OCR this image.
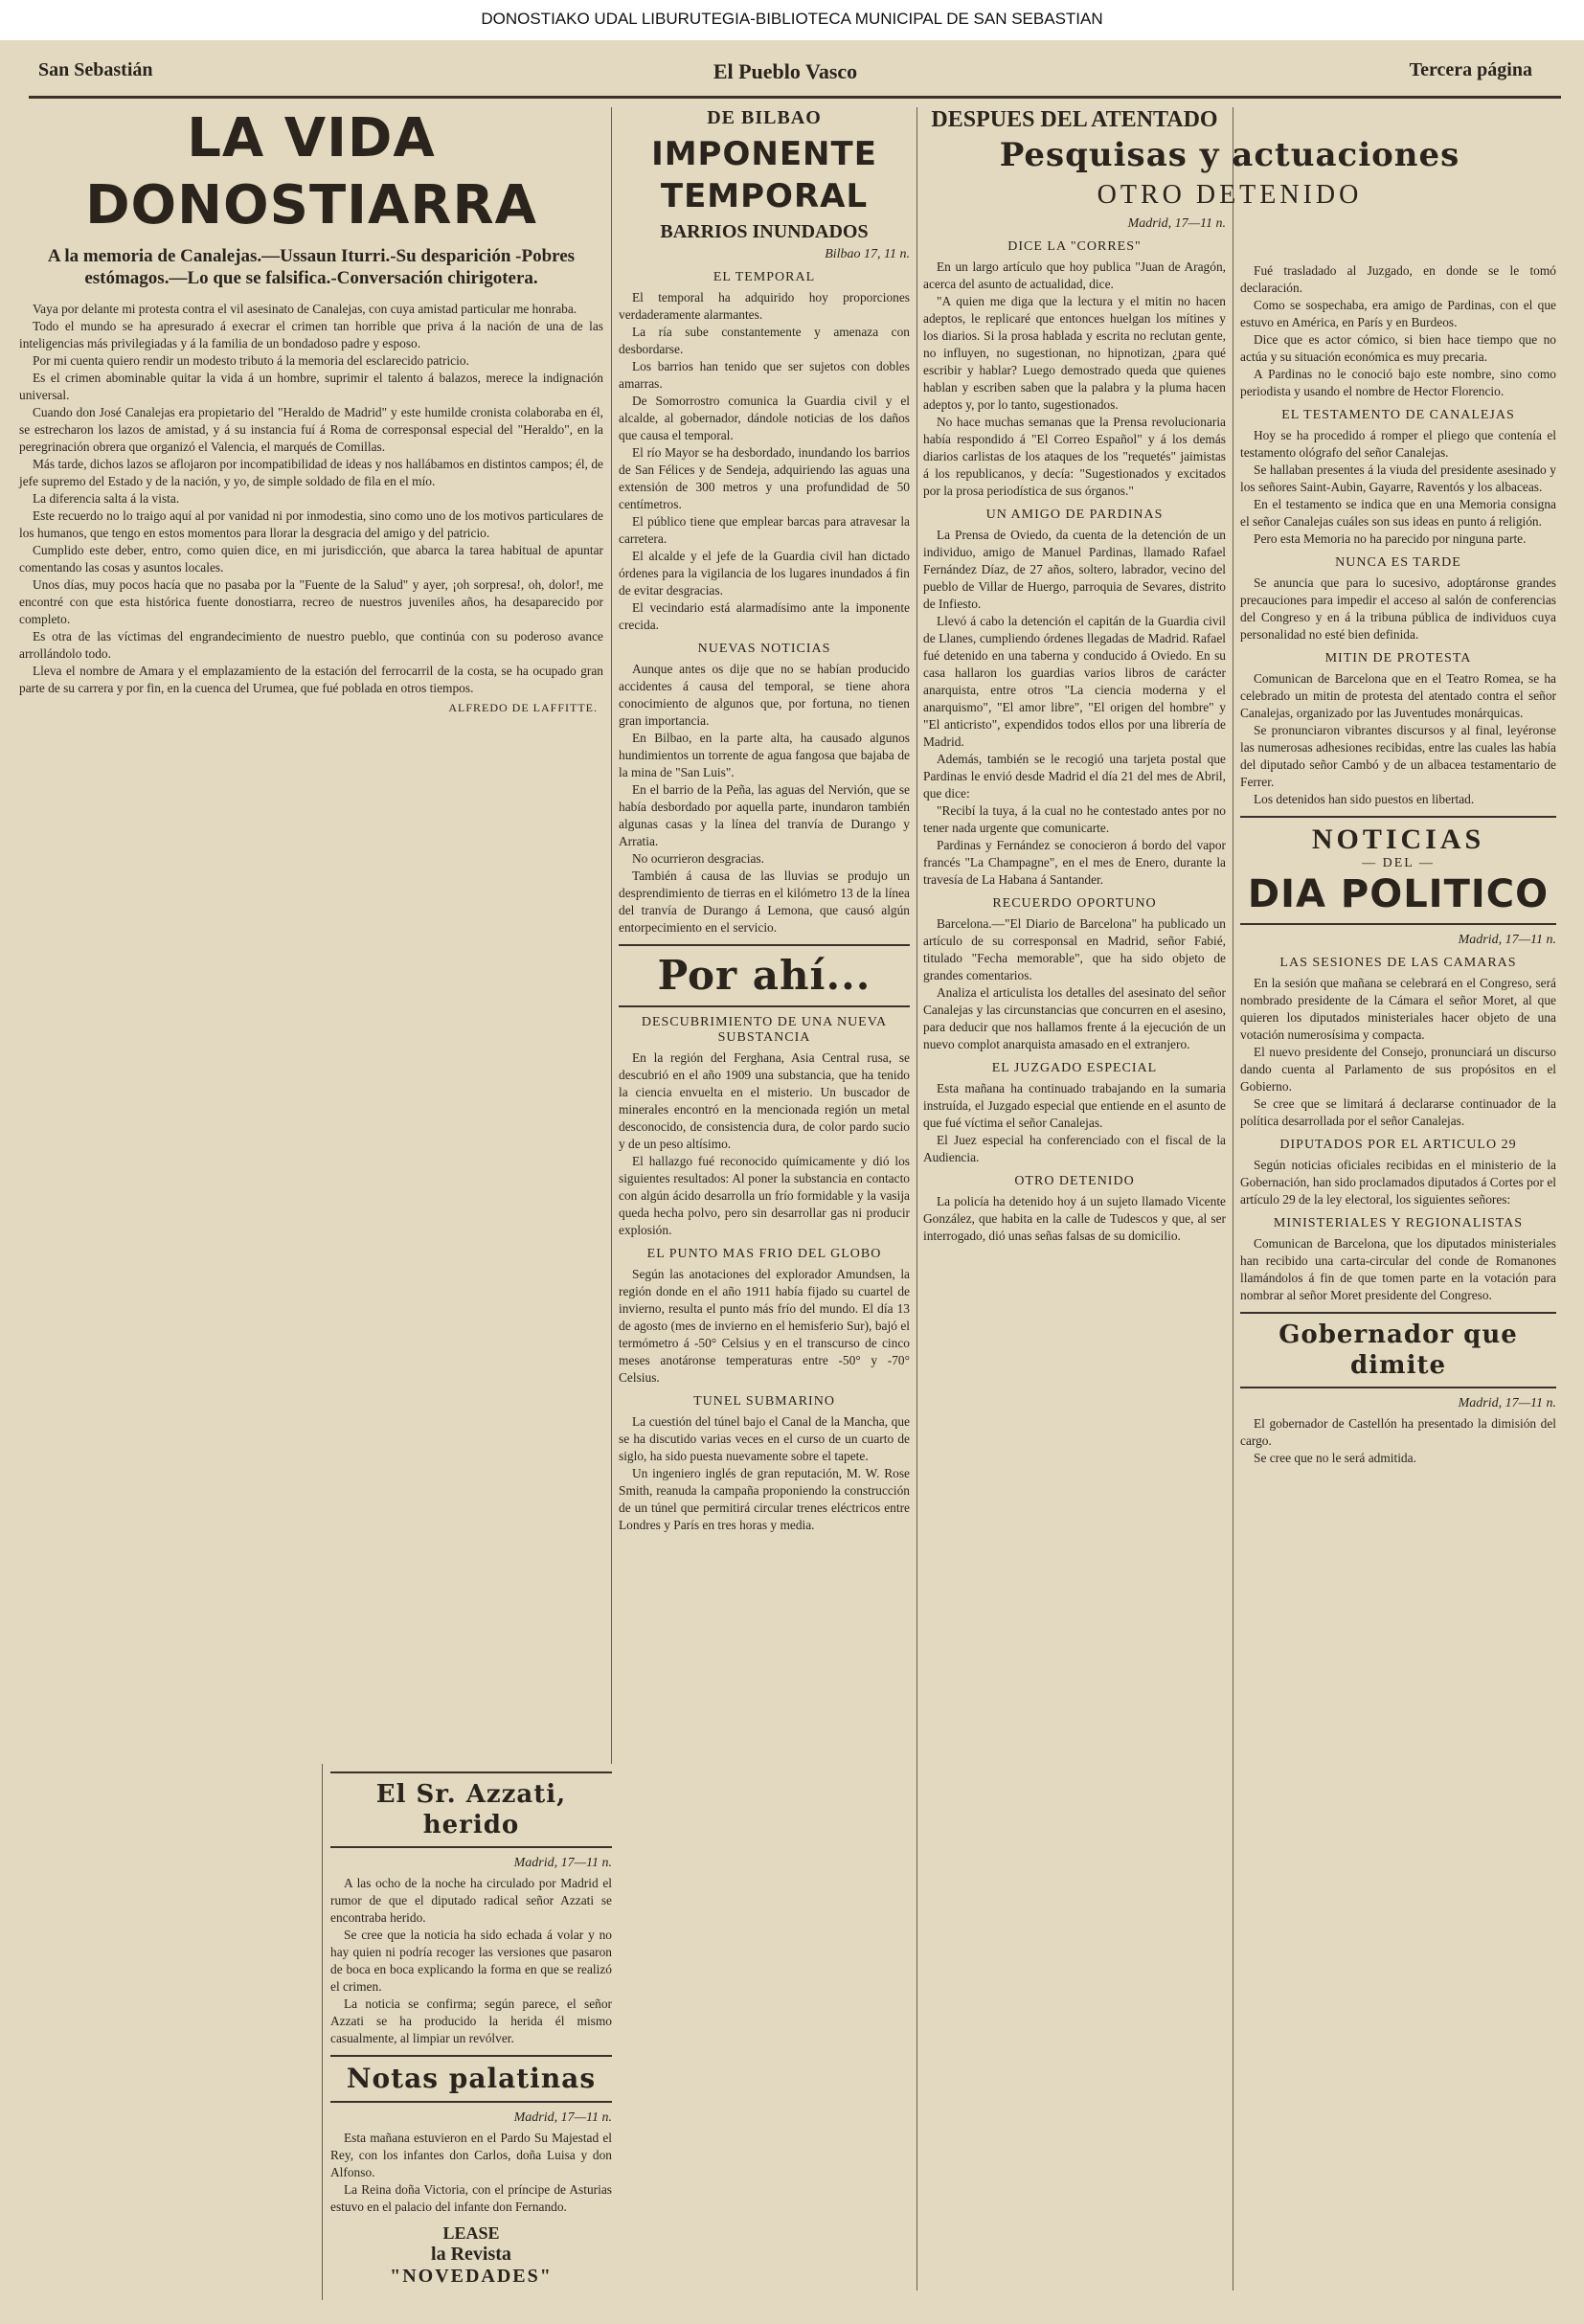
DONOSTIAKO UDAL LIBURUTEGIA-BIBLIOTECA MUNICIPAL DE SAN SEBASTIAN
El Pueblo Vasco
San Sebastián	Tercera página
LA VIDA DONOSTIARRA
A la memoria de Canalejas.—Ussaun Iturri.-Su desparición -Pobres estómagos.—Lo que se falsifica.-Conversación chirigotera.

Vaya por delante mi protesta contra el vil asesinato de Canalejas, con cuya amistad particular me honraba.

Todo el mundo se ha apresurado á execrar el crimen tan horrible que priva á la nación de una de las inteligencias más privilegiadas y á la familia de un bondadoso padre y esposo.

Por mi cuenta quiero rendir un modesto tributo á la memoria del esclarecido patricio.

Es el crimen abominable quitar la vida á un hombre, suprimir el talento á balazos, merece la indignación universal.

Cuando don José Canalejas era propietario del "Heraldo de Madrid" y este humilde cronista colaboraba en él, se estrecharon los lazos de amistad, y á su instancia fuí á Roma de corresponsal especial del "Heraldo", en la peregrinación obrera que organizó el Valencia, el marqués de Comillas.

Más tarde, dichos lazos se aflojaron por incompatibilidad de ideas y nos hallábamos en distintos campos; él, de jefe supremo del Estado y de la nación, y yo, de simple soldado de fila en el mío.

La diferencia salta á la vista.

Este recuerdo no lo traigo aquí al por vanidad ni por inmodestia, sino como uno de los motivos particulares de los humanos, que tengo en estos momentos para llorar la desgracia del amigo y del patricio.

Cumplido este deber, entro, como quien dice, en mi jurisdicción, que abarca la tarea habitual de apuntar comentando las cosas y asuntos locales.

Unos días, muy pocos hacía que no pasaba por la "Fuente de la Salud" y ayer, ¡oh sorpresa!, oh, dolor!, me encontré con que esta histórica fuente donostiarra, recreo de nuestros juveniles años, ha desaparecido por completo.

Es otra de las víctimas del engrandecimiento de nuestro pueblo, que continúa con su poderoso avance arrollándolo todo.

Lleva el nombre de Amara y el emplazamiento de la estación del ferrocarril de la costa, se ha ocupado gran parte de su carrera y por fin, en la cuenca del Urumea, que fué poblada en otros tiempos.

ALFREDO DE LAFFITTE.
DE BILBAO
IMPONENTE TEMPORAL
BARRIOS INUNDADOS
Bilbao 17, 11 n.
EL TEMPORAL

El temporal ha adquirido hoy proporciones verdaderamente alarmantes.

La ría sube constantemente y amenaza con desbordarse.

Los barrios han tenido que ser sujetos con dobles amarras.

De Somorrostro comunica la Guardia civil y el alcalde, al gobernador, dándole noticias de los daños que causa el temporal.

El río Mayor se ha desbordado, inundando los barrios de San Félices y de Sendeja, adquiriendo las aguas una extensión de 300 metros y una profundidad de 50 centímetros.

El público tiene que emplear barcas para atravesar la carretera.

El alcalde y el jefe de la Guardia civil han dictado órdenes para la vigilancia de los lugares inundados á fin de evitar desgracias.

El vecindario está alarmadísimo ante la imponente crecida.

NUEVAS NOTICIAS

Aunque antes os dije que no se habían producido accidentes á causa del temporal, se tiene ahora conocimiento de algunos que, por fortuna, no tienen gran importancia.

En Bilbao, en la parte alta, ha causado algunos hundimientos un torrente de agua fangosa que bajaba de la mina de "San Luis".

En el barrio de la Peña, las aguas del Nervión, que se había desbordado por aquella parte, inundaron también algunas casas y la línea del tranvía de Durango y Arratia.

No ocurrieron desgracias.

También á causa de las lluvias se produjo un desprendimiento de tierras en el kilómetro 13 de la línea del tranvía de Durango á Lemona, que causó algún entorpecimiento en el servicio.

Por ahí...
DESCUBRIMIENTO DE UNA NUEVA SUBSTANCIA

En la región del Ferghana, Asia Central rusa, se descubrió en el año 1909 una substancia, que ha tenido la ciencia envuelta en el misterio. Un buscador de minerales encontró en la mencionada región un metal desconocido, de consistencia dura, de color pardo sucio y de un peso altísimo.

El hallazgo fué reconocido químicamente y dió los siguientes resultados: Al poner la substancia en contacto con algún ácido desarrolla un frío formidable y la vasija queda hecha polvo, pero sin desarrollar gas ni producir explosión.

EL PUNTO MAS FRIO DEL GLOBO

Según las anotaciones del explorador Amundsen, la región donde en el año 1911 había fijado su cuartel de invierno, resulta el punto más frío del mundo. El día 13 de agosto (mes de invierno en el hemisferio Sur), bajó el termómetro á -50° Celsius y en el transcurso de cinco meses anotáronse temperaturas entre -50° y -70° Celsius.

TUNEL SUBMARINO

La cuestión del túnel bajo el Canal de la Mancha, que se ha discutido varias veces en el curso de un cuarto de siglo, ha sido puesta nuevamente sobre el tapete.

Un ingeniero inglés de gran reputación, M. W. Rose Smith, reanuda la campaña proponiendo la construcción de un túnel que permitirá circular trenes eléctricos entre Londres y París en tres horas y media.

El Sr. Azzati, herido
Madrid, 17—11 n.

A las ocho de la noche ha circulado por Madrid el rumor de que el diputado radical señor Azzati se encontraba herido.

Se cree que la noticia ha sido echada á volar y no hay quien ni podría recoger las versiones que pasaron de boca en boca explicando la forma en que se realizó el crimen.

La noticia se confirma; según parece, el señor Azzati se ha producido la herida él mismo casualmente, al limpiar un revólver.

Notas palatinas
Madrid, 17—11 n.

Esta mañana estuvieron en el Pardo Su Majestad el Rey, con los infantes don Carlos, doña Luisa y don Alfonso.

La Reina doña Victoria, con el príncipe de Asturias estuvo en el palacio del infante don Fernando.

LEASE
la Revista
"NOVEDADES"
DESPUES DEL ATENTADO
Pesquisas y actuaciones
OTRO DETENIDO
Madrid, 17—11 n.
DICE LA "CORRES"

En un largo artículo que hoy publica "Juan de Aragón, acerca del asunto de actualidad, dice.

"A quien me diga que la lectura y el mitin no hacen adeptos, le replicaré que entonces huelgan los mítines y los diarios. Si la prosa hablada y escrita no reclutan gente, no influyen, no sugestionan, no hipnotizan, ¿para qué escribir y hablar? Luego demostrado queda que quienes hablan y escriben saben que la palabra y la pluma hacen adeptos y, por lo tanto, sugestionados.

No hace muchas semanas que la Prensa revolucionaria había respondido á "El Correo Español" y á los demás diarios carlistas de los ataques de los "requetés" jaimistas á los republicanos, y decía: "Sugestionados y excitados por la prosa periodística de sus órganos."

UN AMIGO DE PARDINAS

La Prensa de Oviedo, da cuenta de la detención de un individuo, amigo de Manuel Pardinas, llamado Rafael Fernández Díaz, de 27 años, soltero, labrador, vecino del pueblo de Villar de Huergo, parroquia de Sevares, distrito de Infiesto.

Llevó á cabo la detención el capitán de la Guardia civil de Llanes, cumpliendo órdenes llegadas de Madrid. Rafael fué detenido en una taberna y conducido á Oviedo. En su casa hallaron los guardias varios libros de carácter anarquista, entre otros "La ciencia moderna y el anarquismo", "El amor libre", "El origen del hombre" y "El anticristo", expendidos todos ellos por una librería de Madrid.

Además, también se le recogió una tarjeta postal que Pardinas le envió desde Madrid el día 21 del mes de Abril, que dice:

"Recibí la tuya, á la cual no he contestado antes por no tener nada urgente que comunicarte.

Pardinas y Fernández se conocieron á bordo del vapor francés "La Champagne", en el mes de Enero, durante la travesía de La Habana á Santander.

RECUERDO OPORTUNO

Barcelona.—"El Diario de Barcelona" ha publicado un artículo de su corresponsal en Madrid, señor Fabié, titulado "Fecha memorable", que ha sido objeto de grandes comentarios.

Analiza el articulista los detalles del asesinato del señor Canalejas y las circunstancias que concurren en el asesino, para deducir que nos hallamos frente á la ejecución de un nuevo complot anarquista amasado en el extranjero.

EL JUZGADO ESPECIAL

Esta mañana ha continuado trabajando en la sumaria instruída, el Juzgado especial que entiende en el asunto de que fué víctima el señor Canalejas.

El Juez especial ha conferenciado con el fiscal de la Audiencia.

OTRO DETENIDO

La policía ha detenido hoy á un sujeto llamado Vicente González, que habita en la calle de Tudescos y que, al ser interrogado, dió unas señas falsas de su domicilio.

Fué trasladado al Juzgado, en donde se le tomó declaración.

Como se sospechaba, era amigo de Pardinas, con el que estuvo en América, en París y en Burdeos.

Dice que es actor cómico, si bien hace tiempo que no actúa y su situación económica es muy precaria.

A Pardinas no le conoció bajo este nombre, sino como periodista y usando el nombre de Hector Florencio.

EL TESTAMENTO DE CANALEJAS

Hoy se ha procedido á romper el pliego que contenía el testamento ológrafo del señor Canalejas.

Se hallaban presentes á la viuda del presidente asesinado y los señores Saint-Aubin, Gayarre, Raventós y los albaceas.

En el testamento se indica que en una Memoria consigna el señor Canalejas cuáles son sus ideas en punto á religión.

Pero esta Memoria no ha parecido por ninguna parte.

NUNCA ES TARDE

Se anuncia que para lo sucesivo, adoptáronse grandes precauciones para impedir el acceso al salón de conferencias del Congreso y en á la tribuna pública de individuos cuya personalidad no esté bien definida.

MITIN DE PROTESTA

Comunican de Barcelona que en el Teatro Romea, se ha celebrado un mitin de protesta del atentado contra el señor Canalejas, organizado por las Juventudes monárquicas.

Se pronunciaron vibrantes discursos y al final, leyéronse las numerosas adhesiones recibidas, entre las cuales las había del diputado señor Cambó y de un albacea testamentario de Ferrer.

Los detenidos han sido puestos en libertad.

NOTICIAS
— DEL —
DIA POLITICO
Madrid, 17—11 n.
LAS SESIONES DE LAS CAMARAS

En la sesión que mañana se celebrará en el Congreso, será nombrado presidente de la Cámara el señor Moret, al que quieren los diputados ministeriales hacer objeto de una votación numerosísima y compacta.

El nuevo presidente del Consejo, pronunciará un discurso dando cuenta al Parlamento de sus propósitos en el Gobierno.

Se cree que se limitará á declararse continuador de la política desarrollada por el señor Canalejas.

DIPUTADOS POR EL ARTICULO 29

Según noticias oficiales recibidas en el ministerio de la Gobernación, han sido proclamados diputados á Cortes por el artículo 29 de la ley electoral, los siguientes señores:

MINISTERIALES Y REGIONALISTAS

Comunican de Barcelona, que los diputados ministeriales han recibido una carta-circular del conde de Romanones llamándolos á fin de que tomen parte en la votación para nombrar al señor Moret presidente del Congreso.

Gobernador que dimite
Madrid, 17—11 n.

El gobernador de Castellón ha presentado la dimisión del cargo.

Se cree que no le será admitida.
